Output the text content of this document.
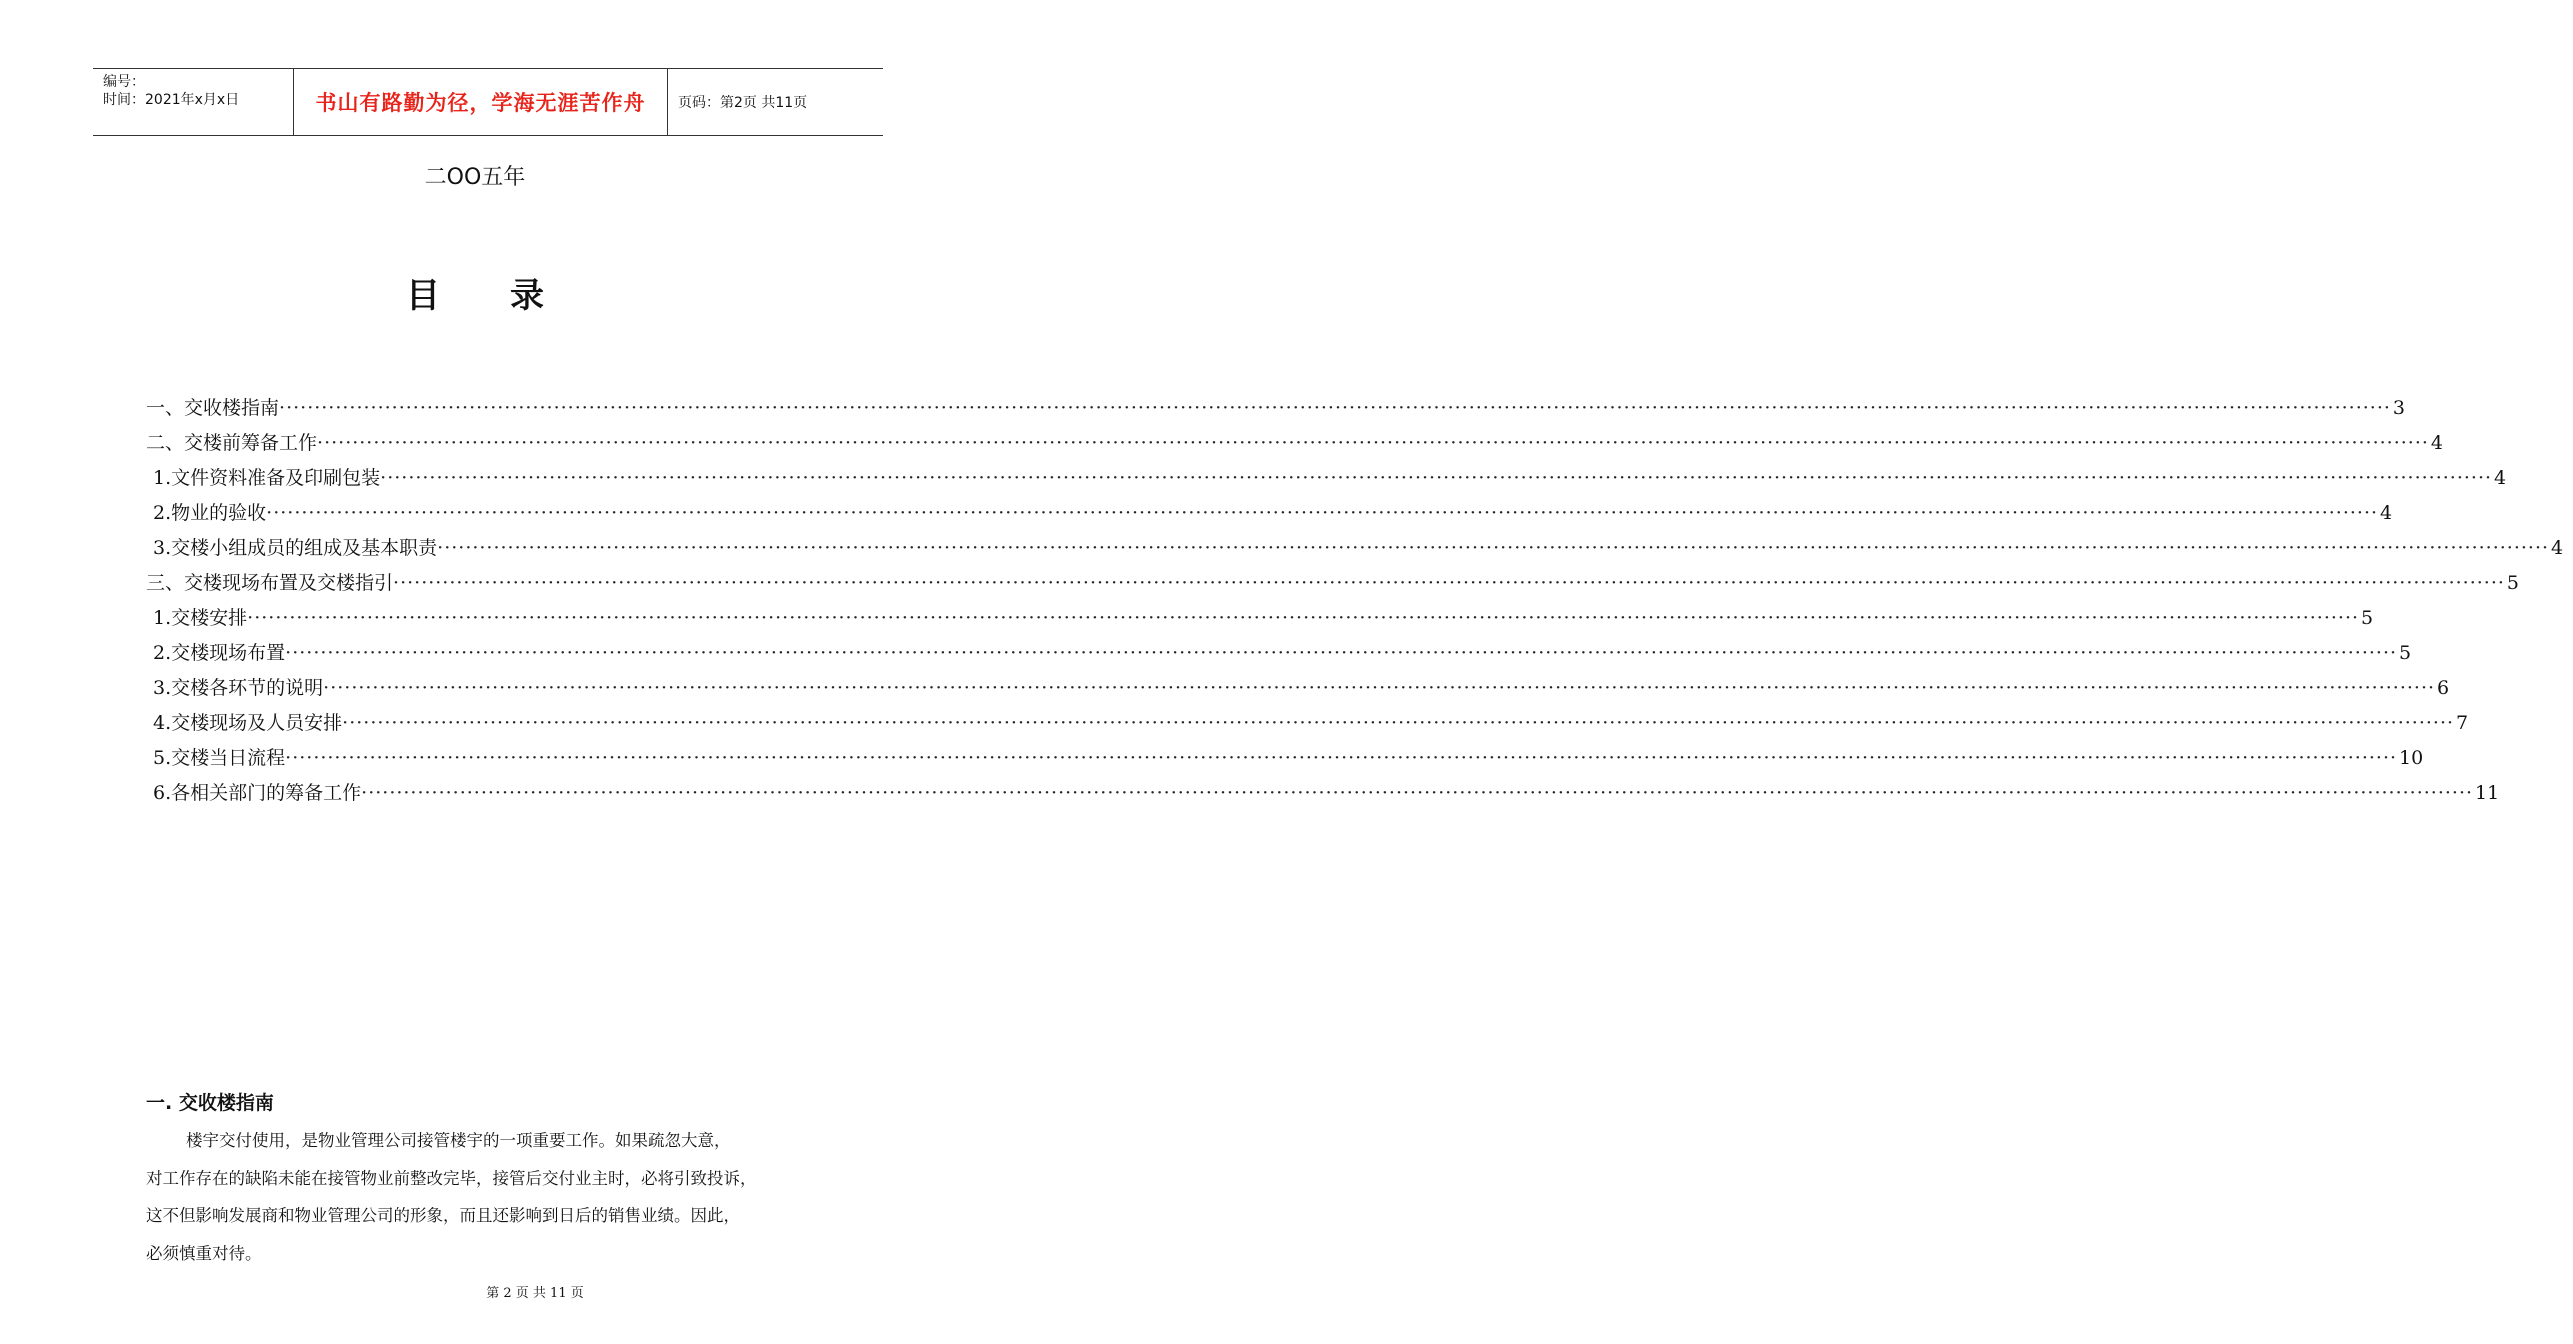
编号：
时间：2021年x月x日	书山有路勤为径，学海无涯苦作舟 页码：第2页 共11页
二OO五年
目录
一、 交收楼指南 ············································································································································································································································································································ 3
二、 交楼前筹备工作 ············································································································································································································································································································ 4
1. 文件资料准备及印刷包装 ············································································································································································································································································································ 4
2. 物业的验收 ············································································································································································································································································································ 4
3. 交楼小组成员的组成及基本职责 ············································································································································································································································································································ 4
三、 交楼现场布置及交楼指引 ············································································································································································································································································································ 5
1. 交楼安排 ············································································································································································································································································································ 5
2. 交楼现场布置 ············································································································································································································································································································ 5
3. 交楼各环节的说明 ············································································································································································································································································································ 6
4. 交楼现场及人员安排 ············································································································································································································································································································ 7
5. 交楼当日流程 ············································································································································································································································································································ 10
6. 各相关部门的筹备工作 ············································································································································································································································································································ 11
一. 交收楼指南
楼宇交付使用，是物业管理公司接管楼宇的一项重要工作。如果疏忽大意，
对工作存在的缺陷未能在接管物业前整改完毕，接管后交付业主时，必将引致投诉，
这不但影响发展商和物业管理公司的形象，而且还影响到日后的销售业绩。因此，
必须慎重对待。
第 2 页 共 11 页
